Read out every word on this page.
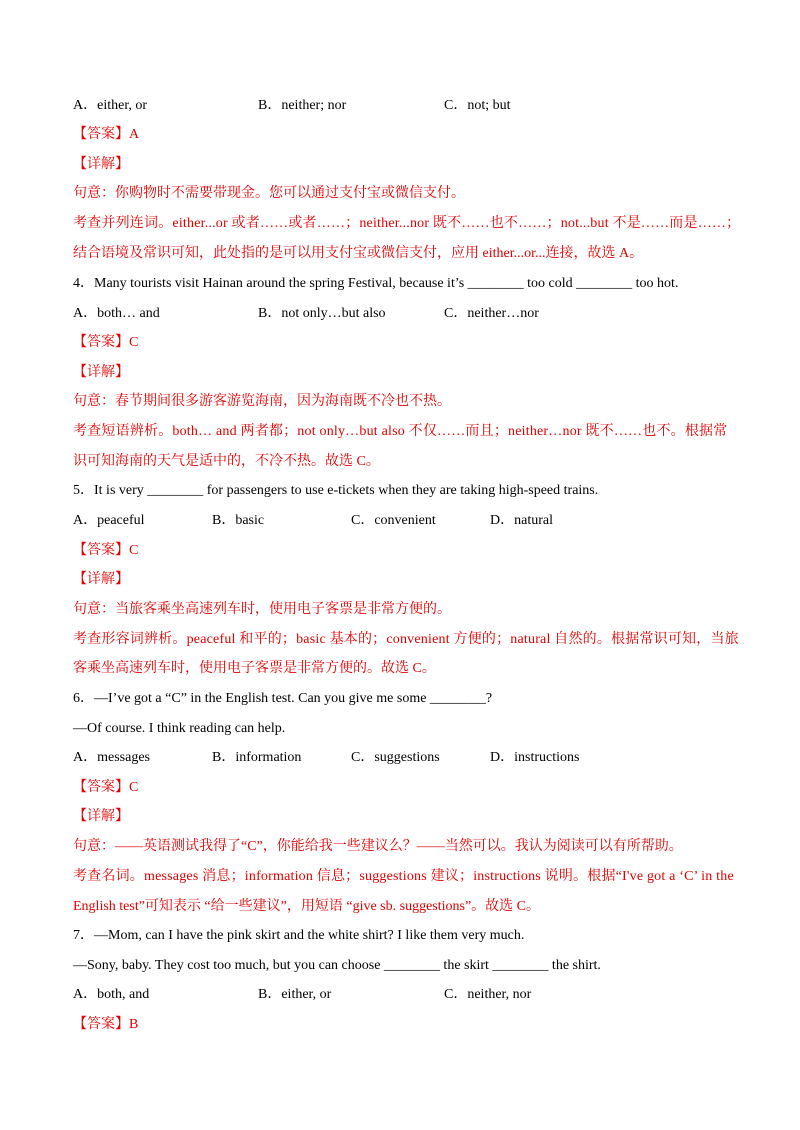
A．either, or	B．neither; nor	C．not; but
【答案】A
【详解】
句意：你购物时不需要带现金。您可以通过支付宝或微信支付。
考查并列连词。either...or 或者……或者……；neither...nor 既不……也不……；not...but 不是……而是……；
结合语境及常识可知，此处指的是可以用支付宝或微信支付，应用 either...or...连接，故选 A。
4．Many tourists visit Hainan around the spring Festival, because it’s ________ too cold ________ too hot.
A．both… and	B．not only…but also	C．neither…nor
【答案】C
【详解】
句意：春节期间很多游客游览海南，因为海南既不冷也不热。
考查短语辨析。both… and 两者都；not only…but also 不仅……而且；neither…nor 既不……也不。根据常
识可知海南的天气是适中的，不冷不热。故选 C。
5．It is very ________ for passengers to use e-tickets when they are taking high-speed trains.
A．peaceful	B．basic	C．convenient	D．natural
【答案】C
【详解】
句意：当旅客乘坐高速列车时，使用电子客票是非常方便的。
考查形容词辨析。peaceful 和平的；basic 基本的；convenient 方便的；natural 自然的。根据常识可知，当旅
客乘坐高速列车时，使用电子客票是非常方便的。故选 C。
6．—I’ve got a “C” in the English test. Can you give me some ________?
—Of course. I think reading can help.
A．messages	B．information	C．suggestions	D．instructions
【答案】C
【详解】
句意：——英语测试我得了“C”，你能给我一些建议么？——当然可以。我认为阅读可以有所帮助。
考查名词。messages 消息；information 信息；suggestions 建议；instructions 说明。根据“I've got a ‘C’ in the
English test”可知表示 “给一些建议”，用短语 “give sb. suggestions”。故选 C。
7．—Mom, can I have the pink skirt and the white shirt? I like them very much.
—Sony, baby. They cost too much, but you can choose ________ the skirt ________ the shirt.
A．both, and	B．either, or	C．neither, nor
【答案】B
